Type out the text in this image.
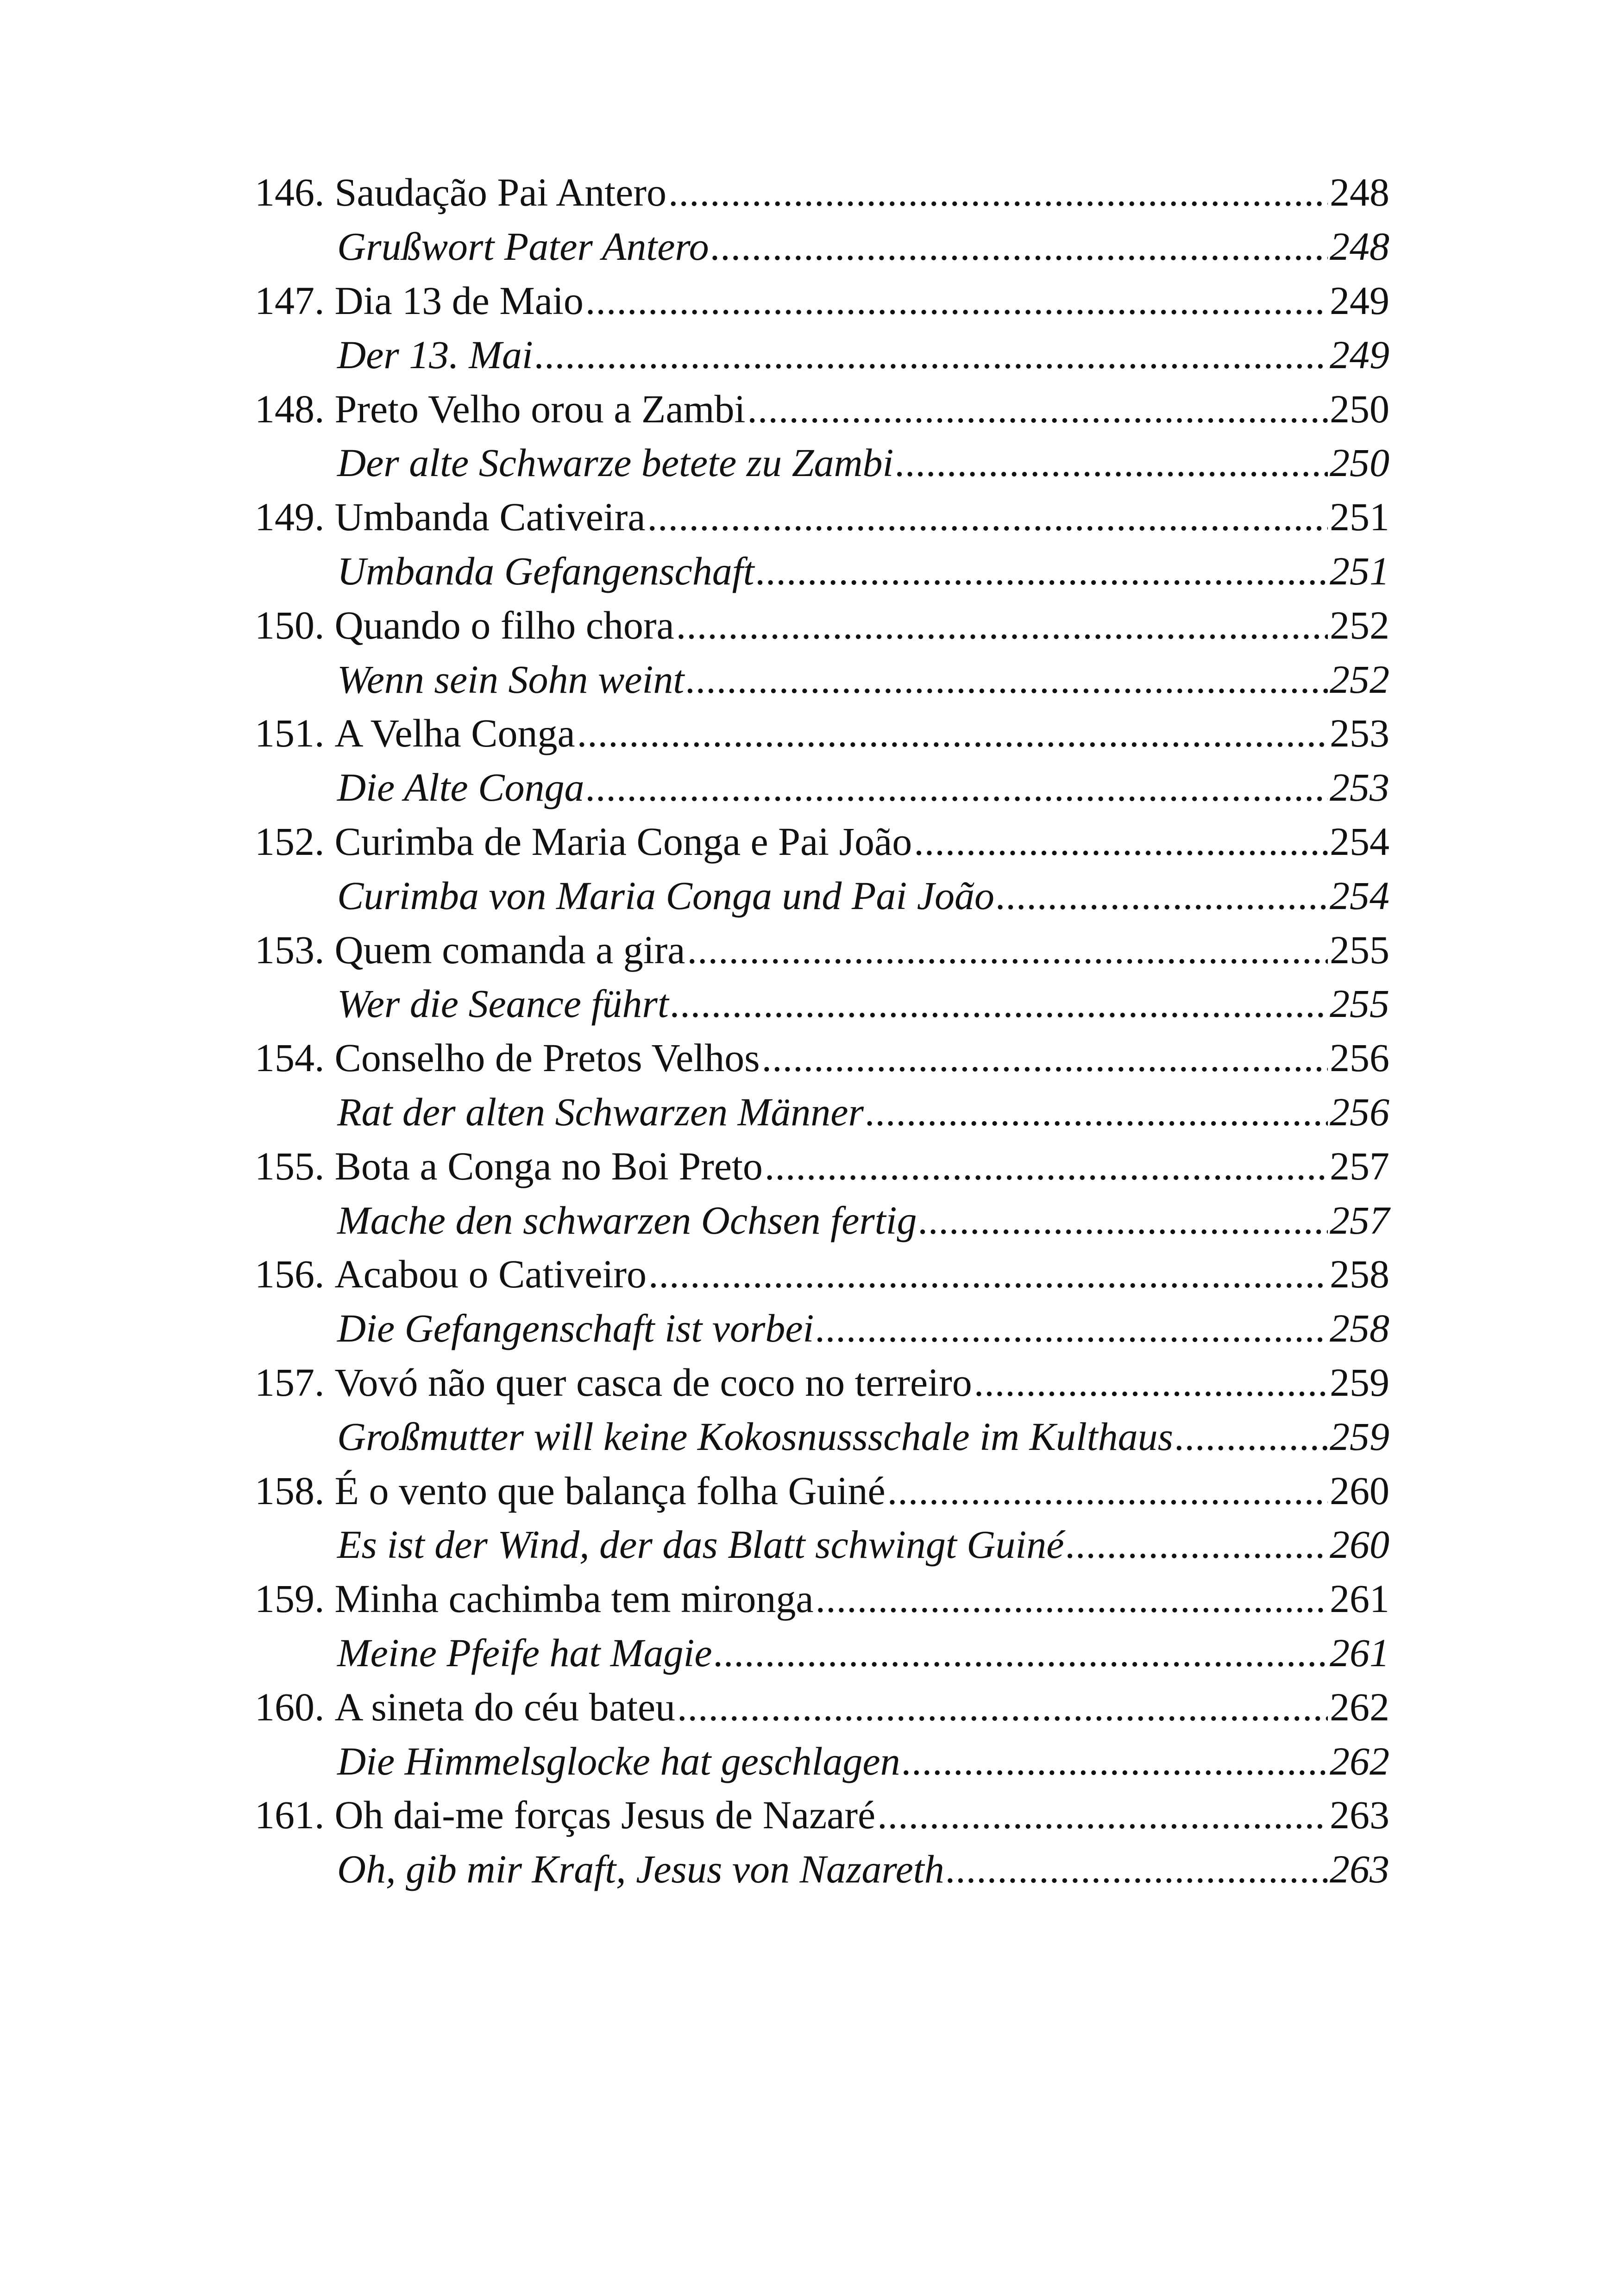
146. Saudação Pai Antero .....	248
Grußwort Pater Antero .....	248
147. Dia 13 de Maio .....	249
Der 13. Mai .....	249
148. Preto Velho orou a Zambi .....	250
Der alte Schwarze betete zu Zambi .....	250
149. Umbanda Cativeira .....	251
Umbanda Gefangenschaft .....	251
150. Quando o filho chora .....	252
Wenn sein Sohn weint .....	252
151. A Velha Conga .....	253
Die Alte Conga .....	253
152. Curimba de Maria Conga e Pai João .....	254
Curimba von Maria Conga und Pai João .....	254
153. Quem comanda a gira .....	255
Wer die Seance führt .....	255
154. Conselho de Pretos Velhos .....	256
Rat der alten Schwarzen Männer .....	256
155. Bota a Conga no Boi Preto .....	257
Mache den schwarzen Ochsen fertig .....	257
156. Acabou o Cativeiro .....	258
Die Gefangenschaft ist vorbei .....	258
157. Vovó não quer casca de coco no terreiro .....	259
Großmutter will keine Kokosnussschale im Kulthaus .....	259
158. É o vento que balança folha Guiné .....	260
Es ist der Wind, der das Blatt schwingt Guiné .....	260
159. Minha cachimba tem mironga .....	261
Meine Pfeife hat Magie .....	261
160. A sineta do céu bateu .....	262
Die Himmelsglocke hat geschlagen .....	262
161. Oh dai-me forças Jesus de Nazaré .....	263
Oh, gib mir Kraft, Jesus von Nazareth .....	263
